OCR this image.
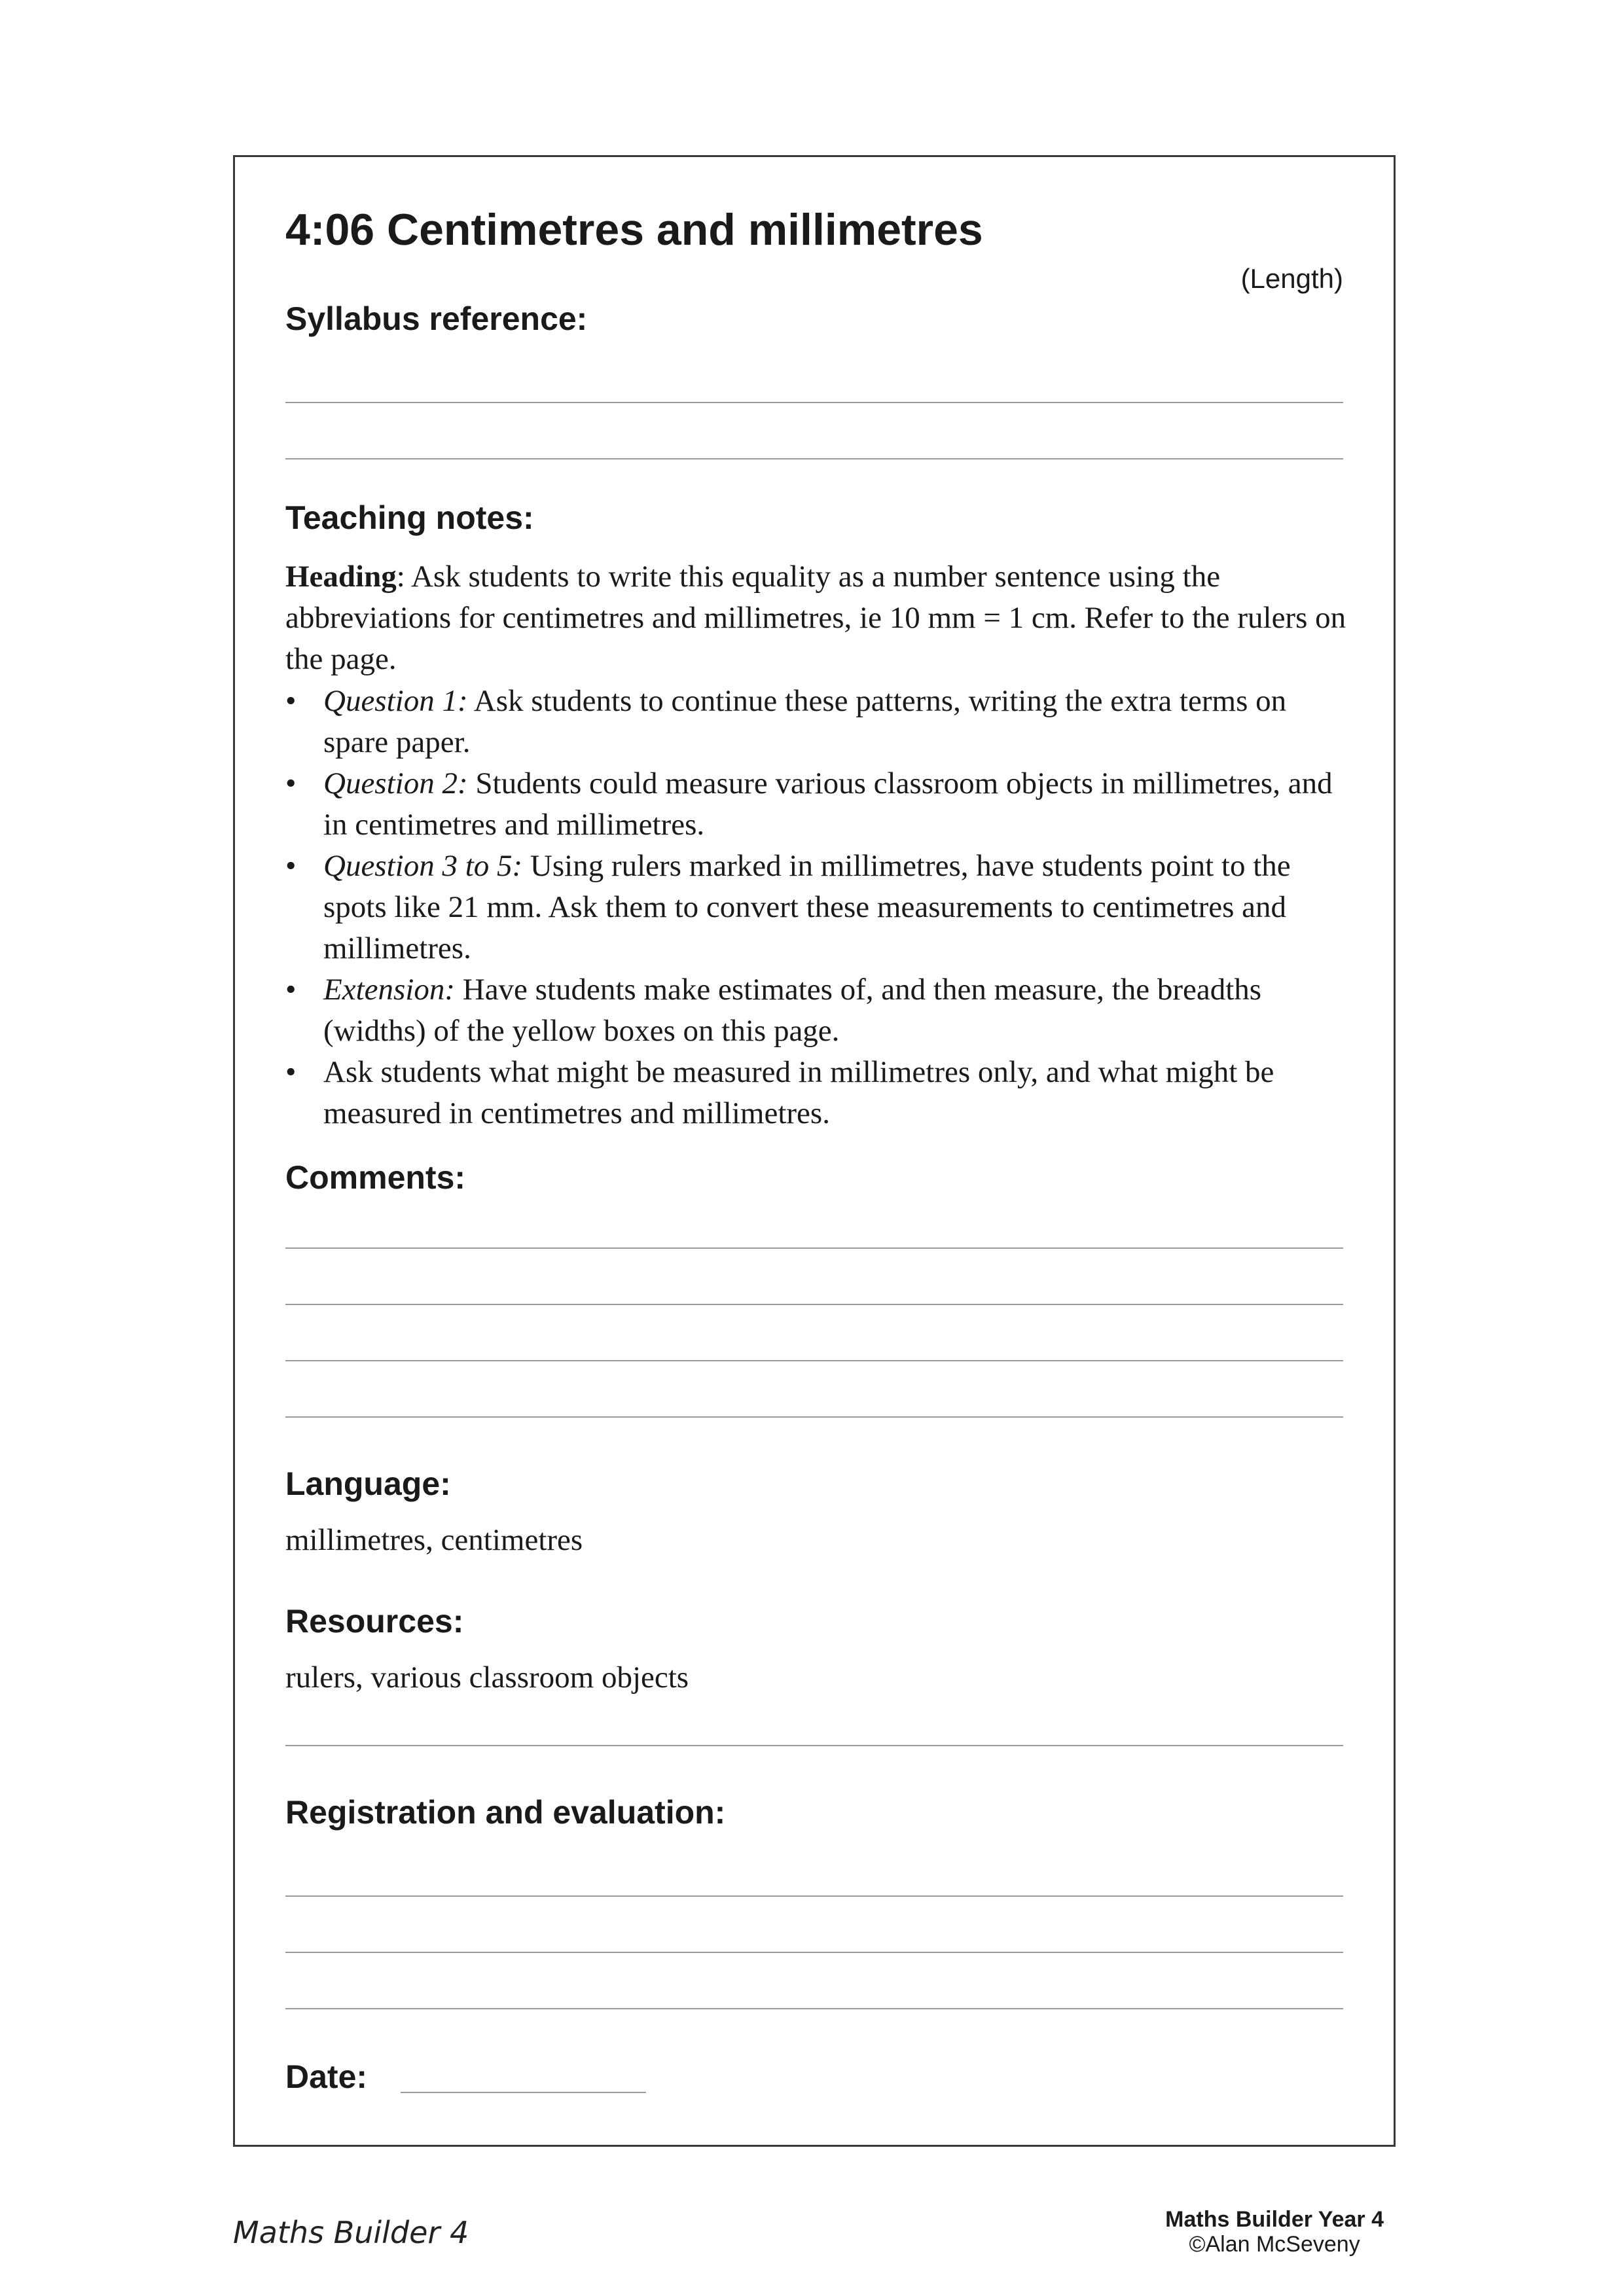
4:06 Centimetres and millimetres
(Length)
Syllabus reference:
Teaching notes:

Heading: Ask students to write this equality as a number sentence using the abbreviations for centimetres and millimetres, ie 10 mm = 1 cm. Refer to the rulers on the page.

• Question 1: Ask students to continue these patterns, writing the extra terms on spare paper.
• Question 2: Students could measure various classroom objects in millimetres, and in centimetres and millimetres.
• Question 3 to 5: Using rulers marked in millimetres, have students point to the spots like 21 mm. Ask them to convert these measurements to centimetres and millimetres.
• Extension: Have students make estimates of, and then measure, the breadths (widths) of the yellow boxes on this page.
• Ask students what might be measured in millimetres only, and what might be measured in centimetres and millimetres.
Comments:
Language:
millimetres, centimetres
Resources:
rulers, various classroom objects
Registration and evaluation:
Date:
Maths Builder 4	Maths Builder Year 4
©Alan McSeveny
